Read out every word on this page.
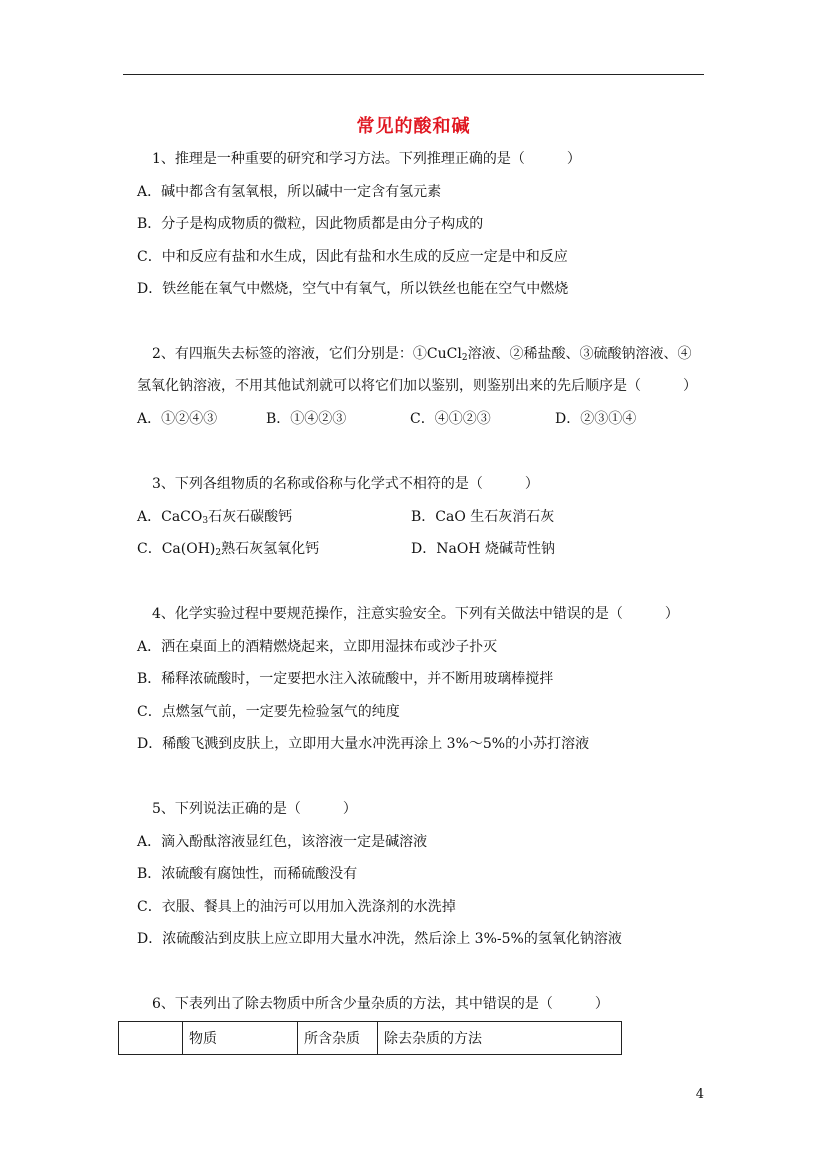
常见的酸和碱
1、推理是一种重要的研究和学习方法。下列推理正确的是（　　　）
A．碱中都含有氢氧根，所以碱中一定含有氢元素
B．分子是构成物质的微粒，因此物质都是由分子构成的
C．中和反应有盐和水生成，因此有盐和水生成的反应一定是中和反应
D．铁丝能在氧气中燃烧，空气中有氧气，所以铁丝也能在空气中燃烧
2、有四瓶失去标签的溶液，它们分别是：①CuCl$_2$溶液、②稀盐酸、③硫酸钠溶液、④
氢氧化钠溶液，不用其他试剂就可以将它们加以鉴别，则鉴别出来的先后顺序是（　　　）
A．①②④③	B．①④②③	C．④①②③	D．②③①④
3、下列各组物质的名称或俗称与化学式不相符的是（　　　）
A．CaCO$_3$石灰石碳酸钙	B．CaO 生石灰消石灰
C．$Ca(OH)_2$熟石灰氢氧化钙	D．NaOH 烧碱苛性钠
4、化学实验过程中要规范操作，注意实验安全。下列有关做法中错误的是（　　　）
A．洒在桌面上的酒精燃烧起来，立即用湿抹布或沙子扑灭
B．稀释浓硫酸时，一定要把水注入浓硫酸中，并不断用玻璃棒搅拌
C．点燃氢气前，一定要先检验氢气的纯度
D．稀酸飞溅到皮肤上，立即用大量水冲洗再涂上 3%～5%的小苏打溶液
5、下列说法正确的是（　　　）
A．滴入酚酞溶液显红色，该溶液一定是碱溶液
B．浓硫酸有腐蚀性，而稀硫酸没有
C．衣服、餐具上的油污可以用加入洗涤剂的水洗掉
D．浓硫酸沾到皮肤上应立即用大量水冲洗，然后涂上 3%-5%的氢氧化钠溶液
6、下表列出了除去物质中所含少量杂质的方法，其中错误的是（　　　）
	物质	所含杂质	除去杂质的方法
4
